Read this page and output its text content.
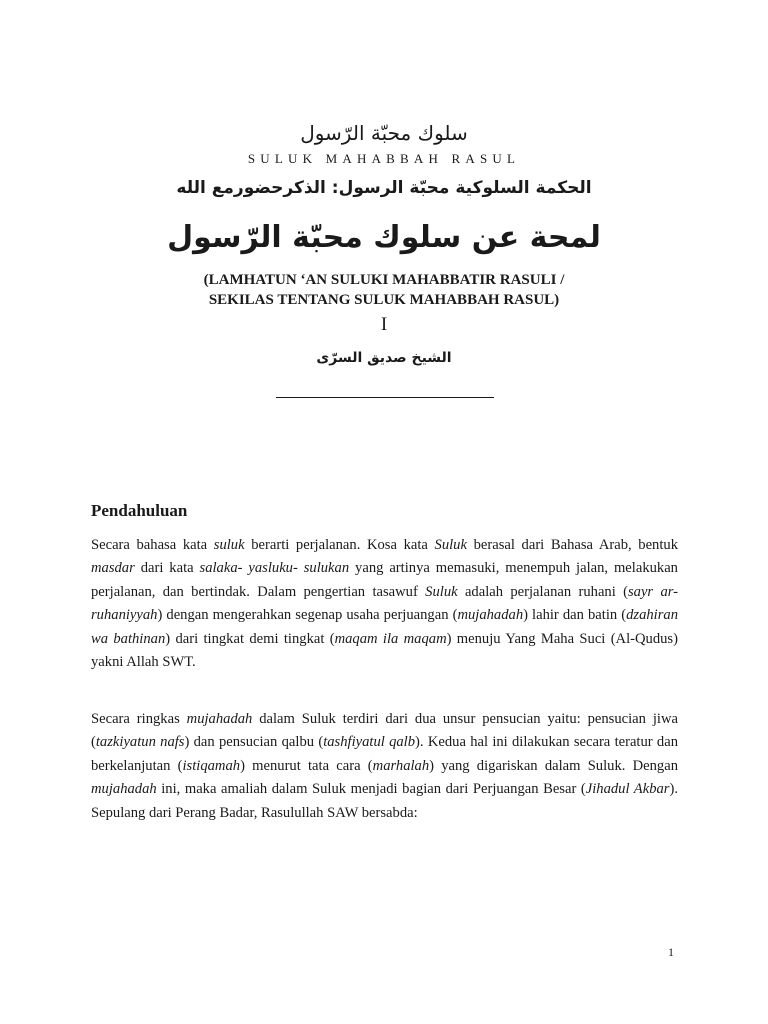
سلوك محبّة الرّسول
SULUK MAHABBAH RASUL
الحكمة السلوكية محبّة الرسول: الذكرحضورمع الله
لمحة عن سلوك محبّة الرّسول
(LAMHATUN ‘AN SULUKI MAHABBATIR RASULI /
SEKILAS TENTANG SULUK MAHABBAH RASUL)
I
الشيخ صديق السرّى
Pendahuluan
Secara bahasa kata suluk berarti perjalanan. Kosa kata Suluk berasal dari Bahasa Arab, bentuk masdar dari kata salaka- yasluku- sulukan yang artinya memasuki, menempuh jalan, melakukan perjalanan, dan bertindak. Dalam pengertian tasawuf Suluk adalah perjalanan ruhani (sayr ar-ruhaniyyah) dengan mengerahkan segenap usaha perjuangan (mujahadah) lahir dan batin (dzahiran wa bathinan) dari tingkat demi tingkat (maqam ila maqam) menuju Yang Maha Suci (Al-Qudus) yakni Allah SWT.
Secara ringkas mujahadah dalam Suluk terdiri dari dua unsur pensucian yaitu: pensucian jiwa (tazkiyatun nafs) dan pensucian qalbu (tashfiyatul qalb). Kedua hal ini dilakukan secara teratur dan berkelanjutan (istiqamah) menurut tata cara (marhalah) yang digariskan dalam Suluk. Dengan mujahadah ini, maka amaliah dalam Suluk menjadi bagian dari Perjuangan Besar (Jihadul Akbar). Sepulang dari Perang Badar, Rasulullah SAW bersabda:
1
